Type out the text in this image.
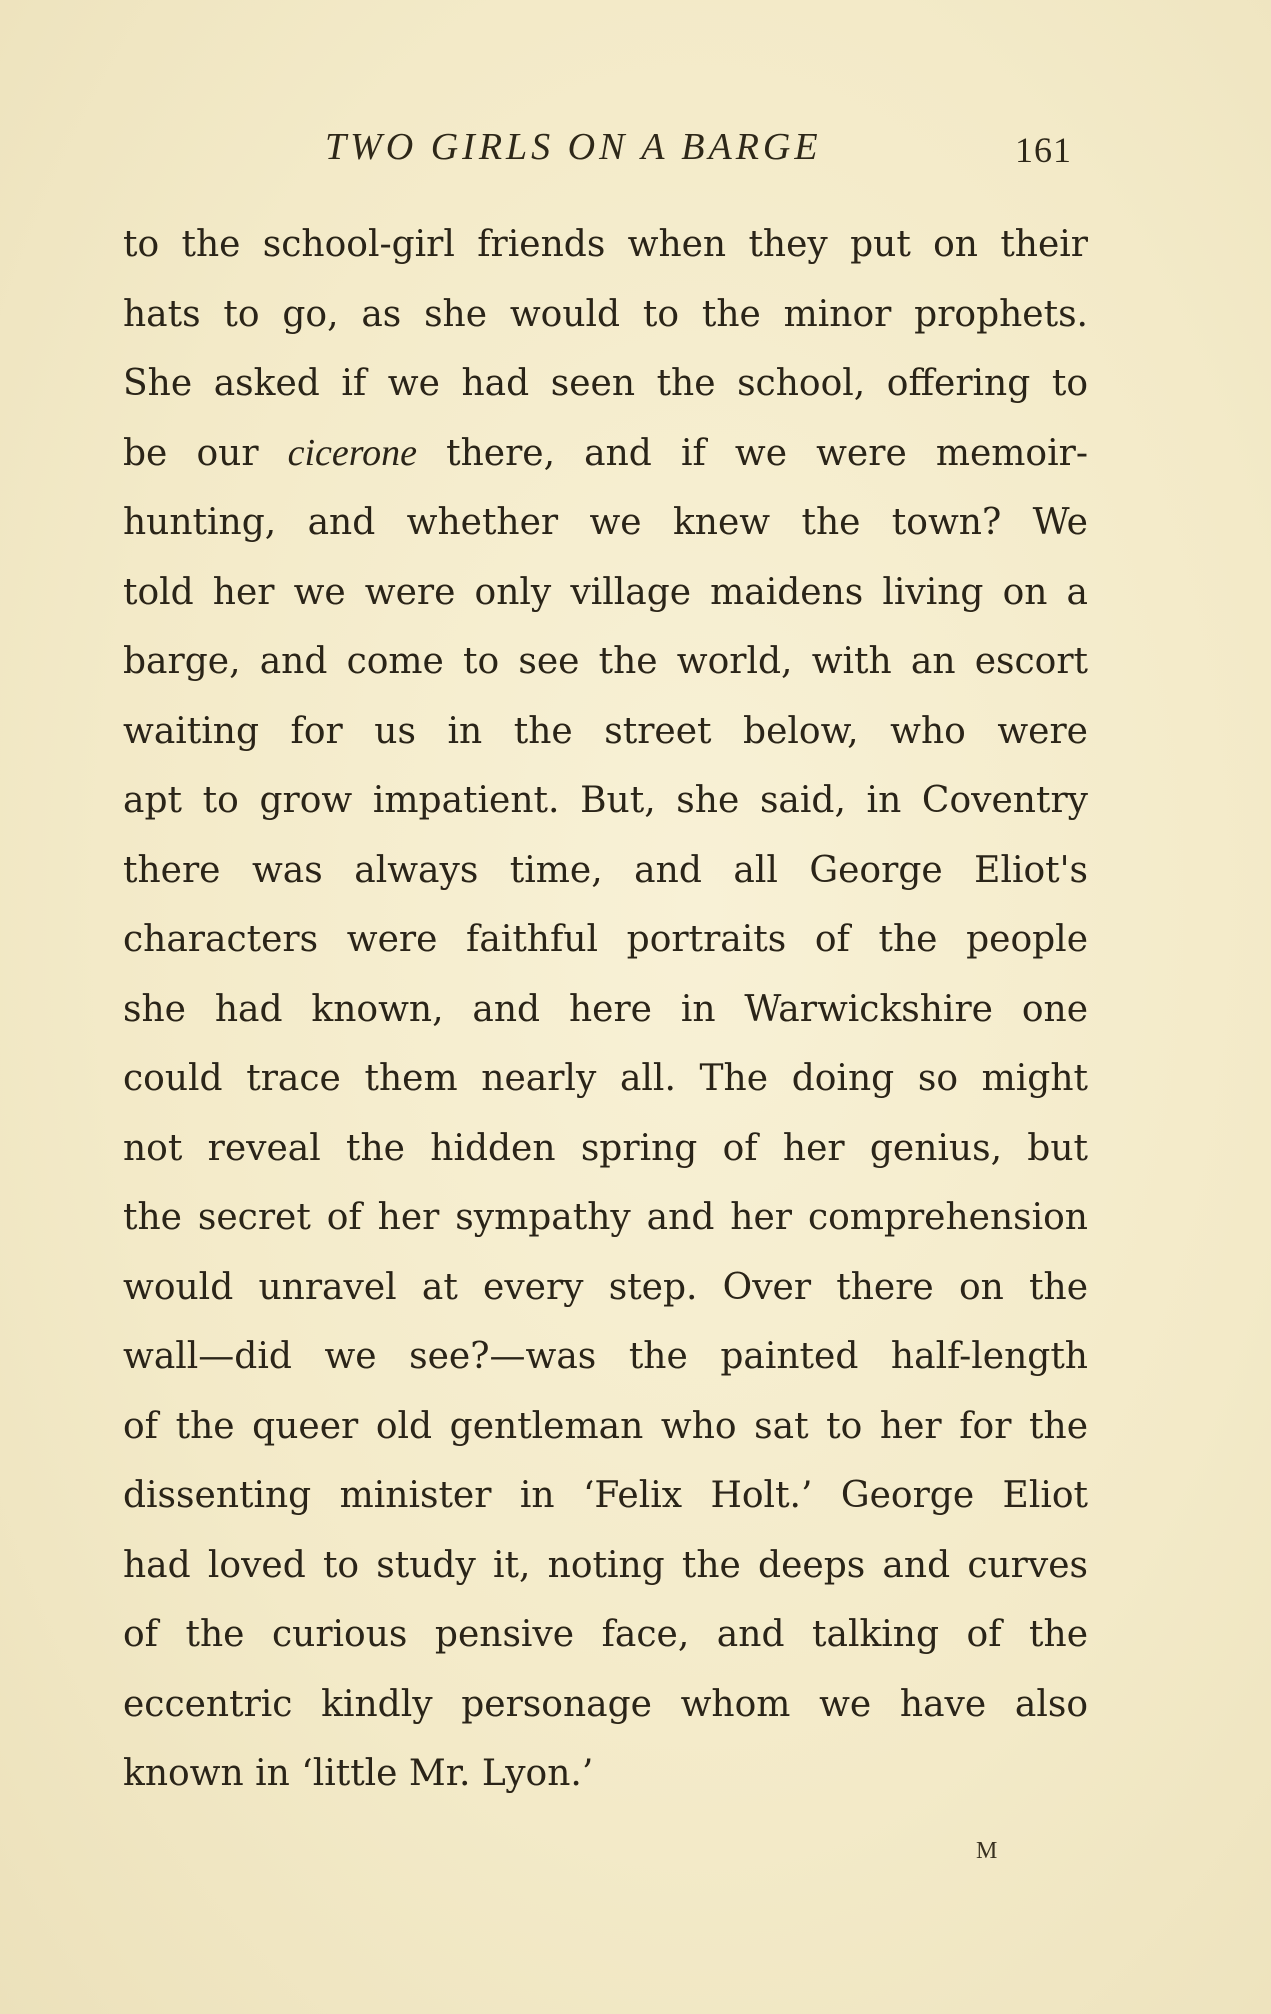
TWO GIRLS ON A BARGE	161
to the school-girl friends when they put on their
hats to go, as she would to the minor prophets.
She asked if we had seen the school, offering to
be our cicerone there, and if we were memoir-
hunting, and whether we knew the town? We
told her we were only village maidens living on a
barge, and come to see the world, with an escort
waiting for us in the street below, who were
apt to grow impatient. But, she said, in Coventry
there was always time, and all George Eliot's
characters were faithful portraits of the people
she had known, and here in Warwickshire one
could trace them nearly all. The doing so might
not reveal the hidden spring of her genius, but
the secret of her sympathy and her comprehension
would unravel at every step. Over there on the
wall—did we see?—was the painted half-length
of the queer old gentleman who sat to her for the
dissenting minister in ‘Felix Holt.’ George Eliot
had loved to study it, noting the deeps and curves
of the curious pensive face, and talking of the
eccentric kindly personage whom we have also
known in ‘little Mr. Lyon.’
M
